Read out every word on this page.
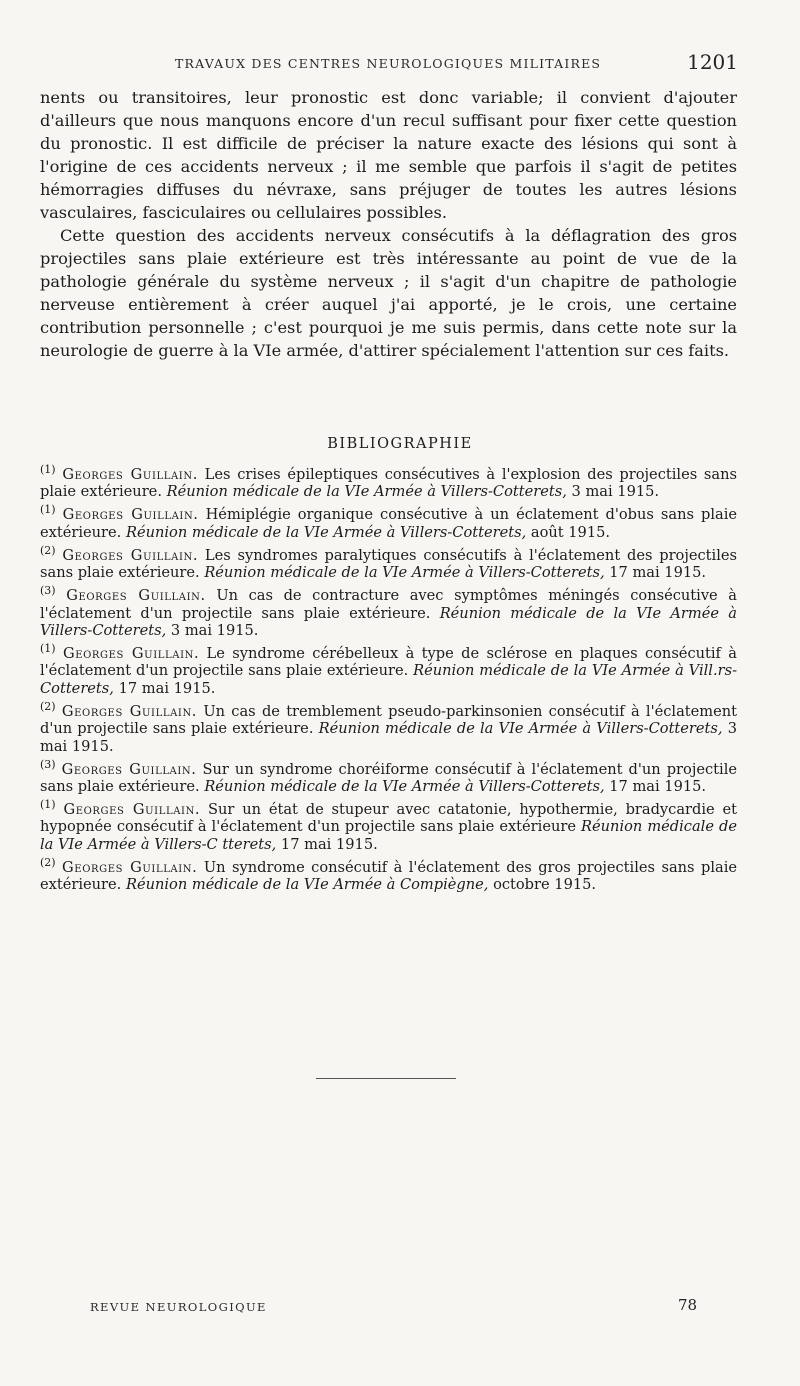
TRAVAUX DES CENTRES NEUROLOGIQUES MILITAIRES	1201

nents ou transitoires, leur pronostic est donc variable; il convient d'ajouter d'ailleurs que nous manquons encore d'un recul suffisant pour fixer cette question du pronostic. Il est difficile de préciser la nature exacte des lésions qui sont à l'origine de ces accidents nerveux ; il me semble que parfois il s'agit de petites hémorragies diffuses du névraxe, sans préjuger de toutes les autres lésions vasculaires, fasciculaires ou cellulaires possibles.

Cette question des accidents nerveux consécutifs à la déflagration des gros projectiles sans plaie extérieure est très intéressante au point de vue de la pathologie générale du système nerveux ; il s'agit d'un chapitre de pathologie nerveuse entièrement à créer auquel j'ai apporté, je le crois, une certaine contribution personnelle ; c'est pourquoi je me suis permis, dans cette note sur la neurologie de guerre à la VIe armée, d'attirer spécialement l'attention sur ces faits.

BIBLIOGRAPHIE

$^{(1)}$ Georges Guillain. Les crises épileptiques consécutives à l'explosion des projectiles sans plaie extérieure. Réunion médicale de la VIe Armée à Villers-Cotterets, 3 mai 1915.

$^{(1)}$ Georges Guillain. Hémiplégie organique consécutive à un éclatement d'obus sans plaie extérieure. Réunion médicale de la VIe Armée à Villers-Cotterets, août 1915.

$^{(2)}$ Georges Guillain. Les syndromes paralytiques consécutifs à l'éclatement des projectiles sans plaie extérieure. Réunion médicale de la VIe Armée à Villers-Cotterets, 17 mai 1915.

$^{(3)}$ Georges Guillain. Un cas de contracture avec symptômes méningés consécutive à l'éclatement d'un projectile sans plaie extérieure. Réunion médicale de la VIe Armée à Villers-Cotterets, 3 mai 1915.

$^{(1)}$ Georges Guillain. Le syndrome cérébelleux à type de sclérose en plaques consécutif à l'éclatement d'un projectile sans plaie extérieure. Réunion médicale de la VIe Armée à Vill.rs-Cotterets, 17 mai 1915.

$^{(2)}$ Georges Guillain. Un cas de tremblement pseudo-parkinsonien consécutif à l'éclatement d'un projectile sans plaie extérieure. Réunion médicale de la VIe Armée à Villers-Cotterets, 3 mai 1915.

$^{(3)}$ Georges Guillain. Sur un syndrome choréiforme consécutif à l'éclatement d'un projectile sans plaie extérieure. Réunion médicale de la VIe Armée à Villers-Cotterets, 17 mai 1915.

$^{(1)}$ Georges Guillain. Sur un état de stupeur avec catatonie, hypothermie, bradycardie et hypopnée consécutif à l'éclatement d'un projectile sans plaie extérieure Réunion médicale de la VIe Armée à Villers-C tterets, 17 mai 1915.

$^{(2)}$ Georges Guillain. Un syndrome consécutif à l'éclatement des gros projectiles sans plaie extérieure. Réunion médicale de la VIe Armée à Compiègne, octobre 1915.

REVUE NEUROLOGIQUE	78
